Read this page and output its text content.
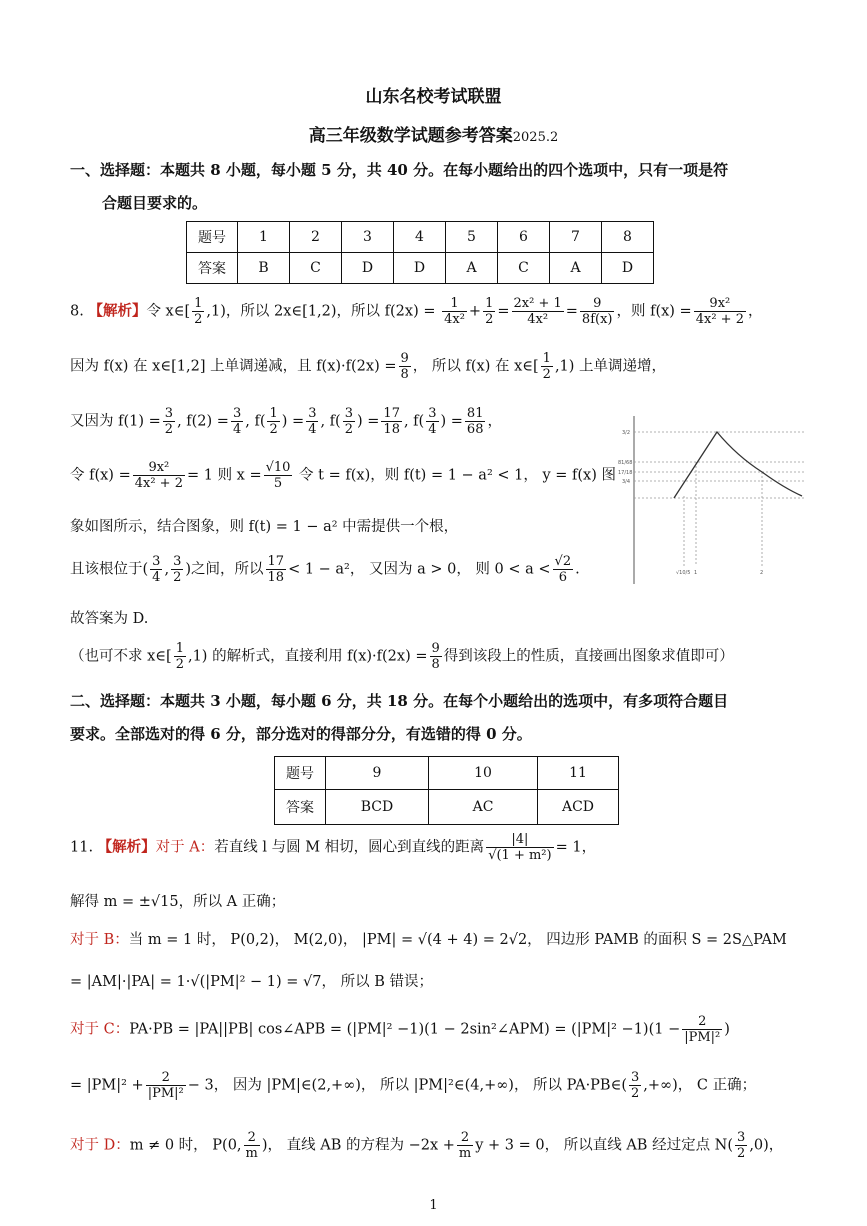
山东名校考试联盟
高三年级数学试题参考答案2025.2
一、选择题：本题共 8 小题，每小题 5 分，共 40 分。在每小题给出的四个选项中，只有一项是符
合题目要求的。
题号	1	2	3	4	5	6	7	8
答案	B	C	D	D	A	C	A	D
8. 【解析】令 x∈[ $\frac{1}{2} ,1$)，所以 2x∈[1,2)，所以 $f(2x) = \frac{1}{\text{4x²}} + \frac{1}{2} = \frac{\text{2x² + 1}}{\text{4x²}} = \frac{9}{8f(x)}$ ，则 $f(x) = \frac{\text{9x²}}{\text{4x² + 2}}$ ，
因为 f(x) 在 x∈[1,2] 上单调递减，且 $f(x)\cdot f(2x) = \frac{9}{8}$ ， 所以 f(x) 在 x∈[ $\frac{1}{2} ,1$) 上单调递增，
又因为 $f(1) = \frac{3}{2}$ , $f(2) = \frac{3}{4}$ , $f( \frac{1}{2}$ ) = $\frac{3}{4}$ , $f( \frac{3}{2}$ ) = $\frac{17}{18}$ , $f( \frac{3}{4}$ ) = $\frac{81}{68}$ ，
令 $f(x) = \frac{\text{9x²}}{\text{4x² + 2}} = 1$ 则 $x = \frac{√10}{5}$ 令 t = f(x)，则 f(t) = 1 − a² < 1， y = f(x) 图
象如图所示，结合图象，则 f(t) = 1 − a² 中需提供一个根，
且该根位于( $\frac{3}{4}$ , $\frac{3}{2}$ )之间，所以 $\frac{17}{18} < 1 - a^2$， 又因为 a > 0， 则 $0 < a < \frac{√2}{6}$ .
故答案为 D.
（也可不求 x∈[ $\frac{1}{2} ,1$) 的解析式，直接利用 $f(x)\cdot f(2x) = \frac{9}{8}$ 得到该段上的性质，直接画出图象求值即可）
3/2
81/68
17/18
3/4
√10/5 1	2
二、选择题：本题共 3 小题，每小题 6 分，共 18 分。在每个小题给出的选项中，有多项符合题目
要求。全部选对的得 6 分，部分选对的得部分分，有选错的得 0 分。
题号	9	10	11
答案	BCD	AC	ACD
11. 【解析】对于 A：若直线 l 与圆 M 相切，圆心到直线的距离 $\frac{|4|}{\text{√(1 + m²)}} = 1$，
解得 m = ±√15，所以 A 正确；
对于 B：当 m = 1 时， P(0,2)， M(2,0)， |PM| = √(4 + 4) = 2√2， 四边形 PAMB 的面积 S = 2S△PAM
= |AM|·|PA| = 1·√(|PM|² − 1) = √7， 所以 B 错误；
对于 C：PA·PB = |PA||PB| cos∠APB = (|PM|² −1)(1 − 2sin²∠APM) = $(|PM|^2 -1)(1 - \frac{2}{\text{|PM|²}}$ )
= $|PM|^2 + \frac{2}{\text{|PM|²}} - 3$， 因为 |PM|∈(2,+∞)， 所以 |PM|²∈(4,+∞)， 所以 PA·PB∈( $\frac{3}{2}$ ,+∞)， C 正确；
对于 D：m ≠ 0 时， P(0, $\frac{2}{m}$ )， 直线 AB 的方程为 $-2x + \frac{2}{m}$ y + 3 = 0， 所以直线 AB 经过定点 $N( \frac{3}{2} ,0)$，
1
